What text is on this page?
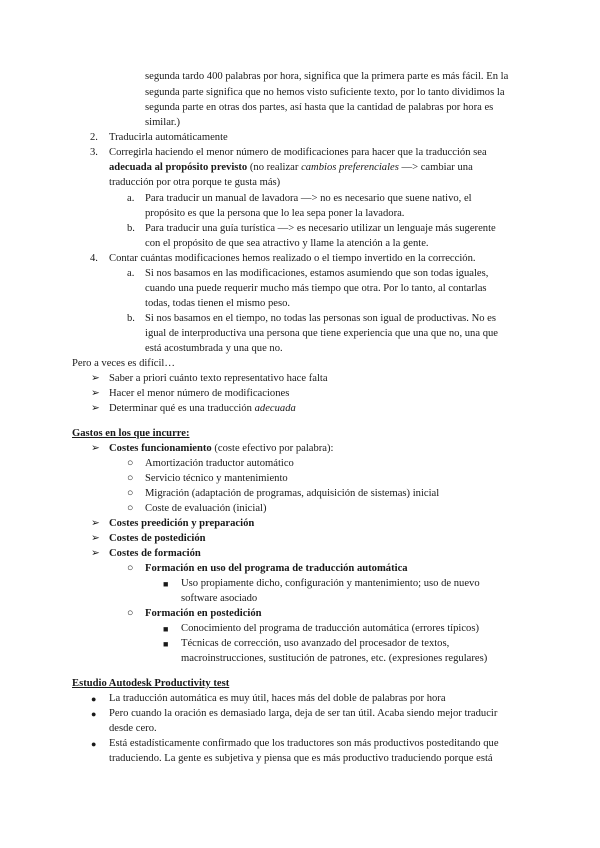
segunda tardo 400 palabras por hora, significa que la primera parte es más fácil. En la
segunda parte significa que no hemos visto suficiente texto, por lo tanto dividimos la
segunda parte en otras dos partes, así hasta que la cantidad de palabras por hora es
similar.)
2. Traducirla automáticamente
3. Corregirla haciendo el menor número de modificaciones para hacer que la traducción sea
adecuada al propósito previsto (no realizar cambios preferenciales —> cambiar una
traducción por otra porque te gusta más)
a. Para traducir un manual de lavadora —> no es necesario que suene nativo, el
propósito es que la persona que lo lea sepa poner la lavadora.
b. Para traducir una guía turística —> es necesario utilizar un lenguaje más sugerente
con el propósito de que sea atractivo y llame la atención a la gente.
4. Contar cuántas modificaciones hemos realizado o el tiempo invertido en la corrección.
a. Si nos basamos en las modificaciones, estamos asumiendo que son todas iguales,
cuando una puede requerir mucho más tiempo que otra. Por lo tanto, al contarlas
todas, todas tienen el mismo peso.
b. Si nos basamos en el tiempo, no todas las personas son igual de productivas. No es
igual de interproductiva una persona que tiene experiencia que una que no, una que
está acostumbrada y una que no.
Pero a veces es difícil…
➢ Saber a priori cuánto texto representativo hace falta
➢ Hacer el menor número de modificaciones
➢ Determinar qué es una traducción adecuada
Gastos en los que incurre:
➢ Costes funcionamiento (coste efectivo por palabra):
○ Amortización traductor automático
○ Servicio técnico y mantenimiento
○ Migración (adaptación de programas, adquisición de sistemas) inicial
○ Coste de evaluación (inicial)
➢ Costes preedición y preparación
➢ Costes de postedición
➢ Costes de formación
○ Formación en uso del programa de traducción automática
■ Uso propiamente dicho, configuración y mantenimiento; uso de nuevo
software asociado
○ Formación en postedición
■ Conocimiento del programa de traducción automática (errores típicos)
■ Técnicas de corrección, uso avanzado del procesador de textos,
macroinstrucciones, sustitución de patrones, etc. (expresiones regulares)
Estudio Autodesk Productivity test
● La traducción automática es muy útil, haces más del doble de palabras por hora
● Pero cuando la oración es demasiado larga, deja de ser tan útil. Acaba siendo mejor traducir
desde cero.
● Está estadísticamente confirmado que los traductores son más productivos posteditando que
traduciendo. La gente es subjetiva y piensa que es más productivo traduciendo porque está
